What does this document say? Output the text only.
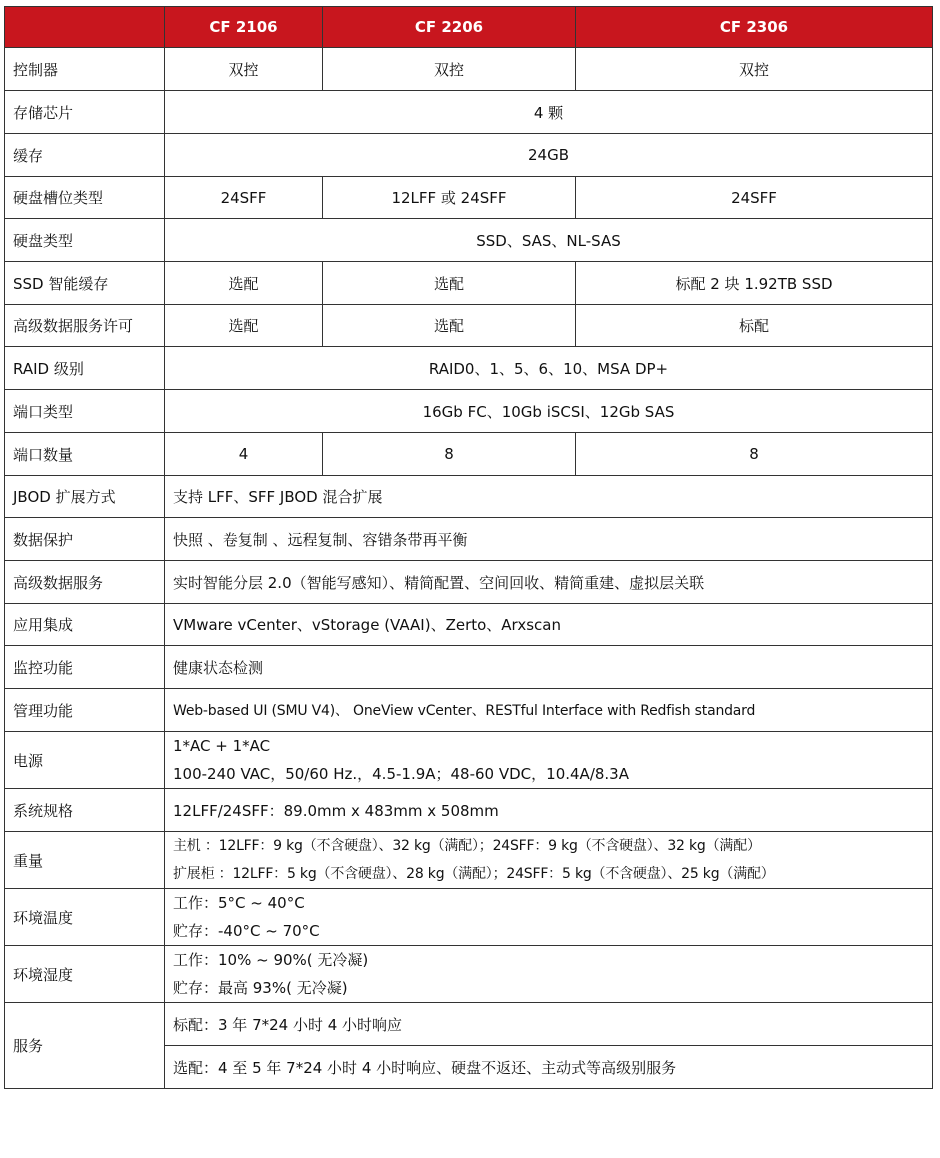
	CF 2106	CF 2206	CF 2306
控制器	双控	双控	双控
存储芯片	4 颗		
缓存	24GB		
硬盘槽位类型	24SFF	12LFF 或 24SFF	24SFF
硬盘类型	SSD、SAS、NL-SAS		
SSD 智能缓存	选配	选配	标配 2 块 1.92TB SSD
高级数据服务许可	选配	选配	标配
RAID 级别	RAID0、1、5、6、10、MSA DP+		
端口类型	16Gb FC、10Gb iSCSI、12Gb SAS		
端口数量	4	8	8
JBOD 扩展方式	支持 LFF、SFF JBOD 混合扩展		
数据保护	快照 、卷复制 、远程复制、容错条带再平衡		
高级数据服务	实时智能分层 2.0（智能写感知）、精简配置、空间回收、精简重建、虚拟层关联		
应用集成	VMware vCenter、vStorage (VAAI)、Zerto、Arxscan		
监控功能	健康状态检测		
管理功能	Web-based UI (SMU V4)、 OneView vCenter、RESTful Interface with Redfish standard		
电源	1*AC + 1*AC
100-240 VAC，50/60 Hz.，4.5-1.9A；48-60 VDC，10.4A/8.3A		

系统规格	12LFF/24SFF：89.0mm x 483mm x 508mm		
重量	主机 ：12LFF：9 kg（不含硬盘）、32 kg（满配）；24SFF：9 kg（不含硬盘）、32 kg（满配）
扩展柜 ：12LFF：5 kg（不含硬盘）、28 kg（满配）；24SFF：5 kg（不含硬盘）、25 kg（满配）		

环境温度	工作：5°C ~ 40°C
贮存：-40°C ~ 70°C		

环境湿度	工作：10% ~ 90%( 无冷凝)
贮存：最高 93%( 无冷凝)		

服务	标配：3 年 7*24 小时 4 小时响应		
	选配：4 至 5 年 7*24 小时 4 小时响应、硬盘不返还、主动式等高级别服务		
